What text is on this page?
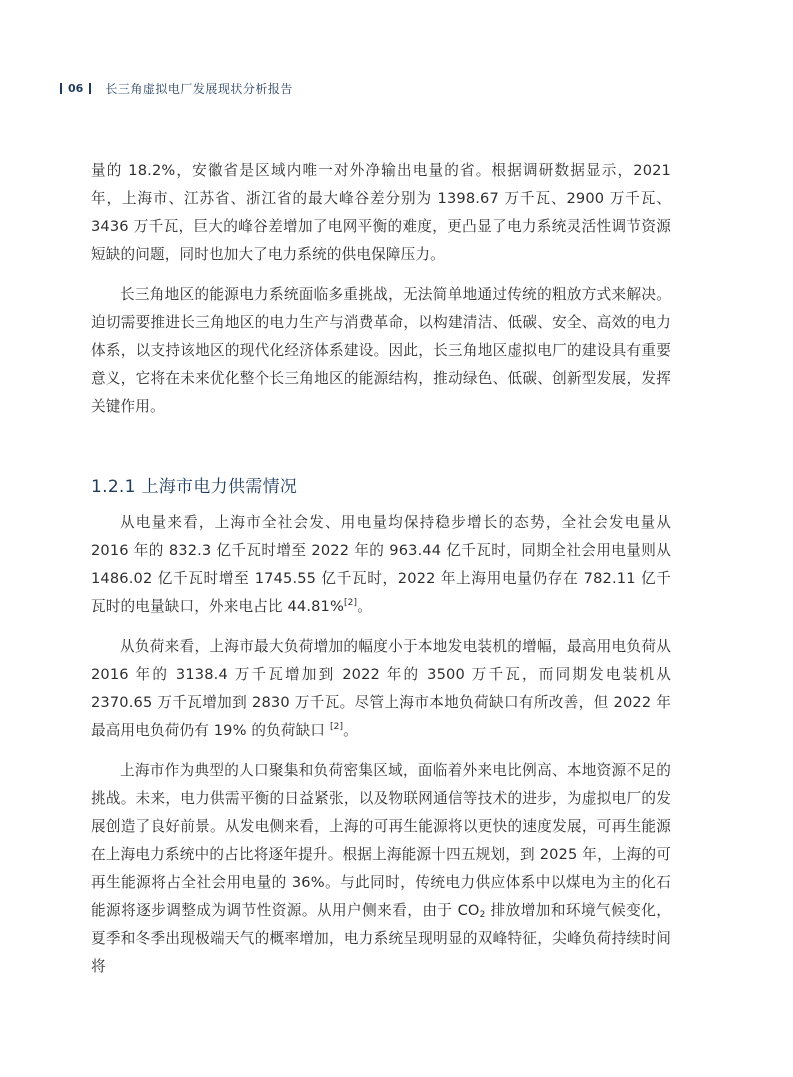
06 长三角虚拟电厂发展现状分析报告

量的 18.2%，安徽省是区域内唯一对外净输出电量的省。根据调研数据显示，2021 年，上海市、江苏省、浙江省的最大峰谷差分别为 1398.67 万千瓦、2900 万千瓦、3436 万千瓦，巨大的峰谷差增加了电网平衡的难度，更凸显了电力系统灵活性调节资源短缺的问题，同时也加大了电力系统的供电保障压力。

长三角地区的能源电力系统面临多重挑战，无法简单地通过传统的粗放方式来解决。迫切需要推进长三角地区的电力生产与消费革命，以构建清洁、低碳、安全、高效的电力体系，以支持该地区的现代化经济体系建设。因此，长三角地区虚拟电厂的建设具有重要意义，它将在未来优化整个长三角地区的能源结构，推动绿色、低碳、创新型发展，发挥关键作用。

1.2.1 上海市电力供需情况

从电量来看，上海市全社会发、用电量均保持稳步增长的态势，全社会发电量从 2016 年的 832.3 亿千瓦时增至 2022 年的 963.44 亿千瓦时，同期全社会用电量则从 1486.02 亿千瓦时增至 1745.55 亿千瓦时，2022 年上海用电量仍存在 782.11 亿千瓦时的电量缺口，外来电占比 44.81%[2]。

从负荷来看，上海市最大负荷增加的幅度小于本地发电装机的增幅，最高用电负荷从 2016 年的 3138.4 万千瓦增加到 2022 年的 3500 万千瓦，而同期发电装机从 2370.65 万千瓦增加到 2830 万千瓦。尽管上海市本地负荷缺口有所改善，但 2022 年最高用电负荷仍有 19% 的负荷缺口 [2]。

上海市作为典型的人口聚集和负荷密集区域，面临着外来电比例高、本地资源不足的挑战。未来，电力供需平衡的日益紧张，以及物联网通信等技术的进步，为虚拟电厂的发展创造了良好前景。从发电侧来看，上海的可再生能源将以更快的速度发展，可再生能源在上海电力系统中的占比将逐年提升。根据上海能源十四五规划，到 2025 年，上海的可再生能源将占全社会用电量的 36%。与此同时，传统电力供应体系中以煤电为主的化石能源将逐步调整成为调节性资源。从用户侧来看，由于 $CO_2$ 排放增加和环境气候变化，夏季和冬季出现极端天气的概率增加，电力系统呈现明显的双峰特征，尖峰负荷持续时间将
